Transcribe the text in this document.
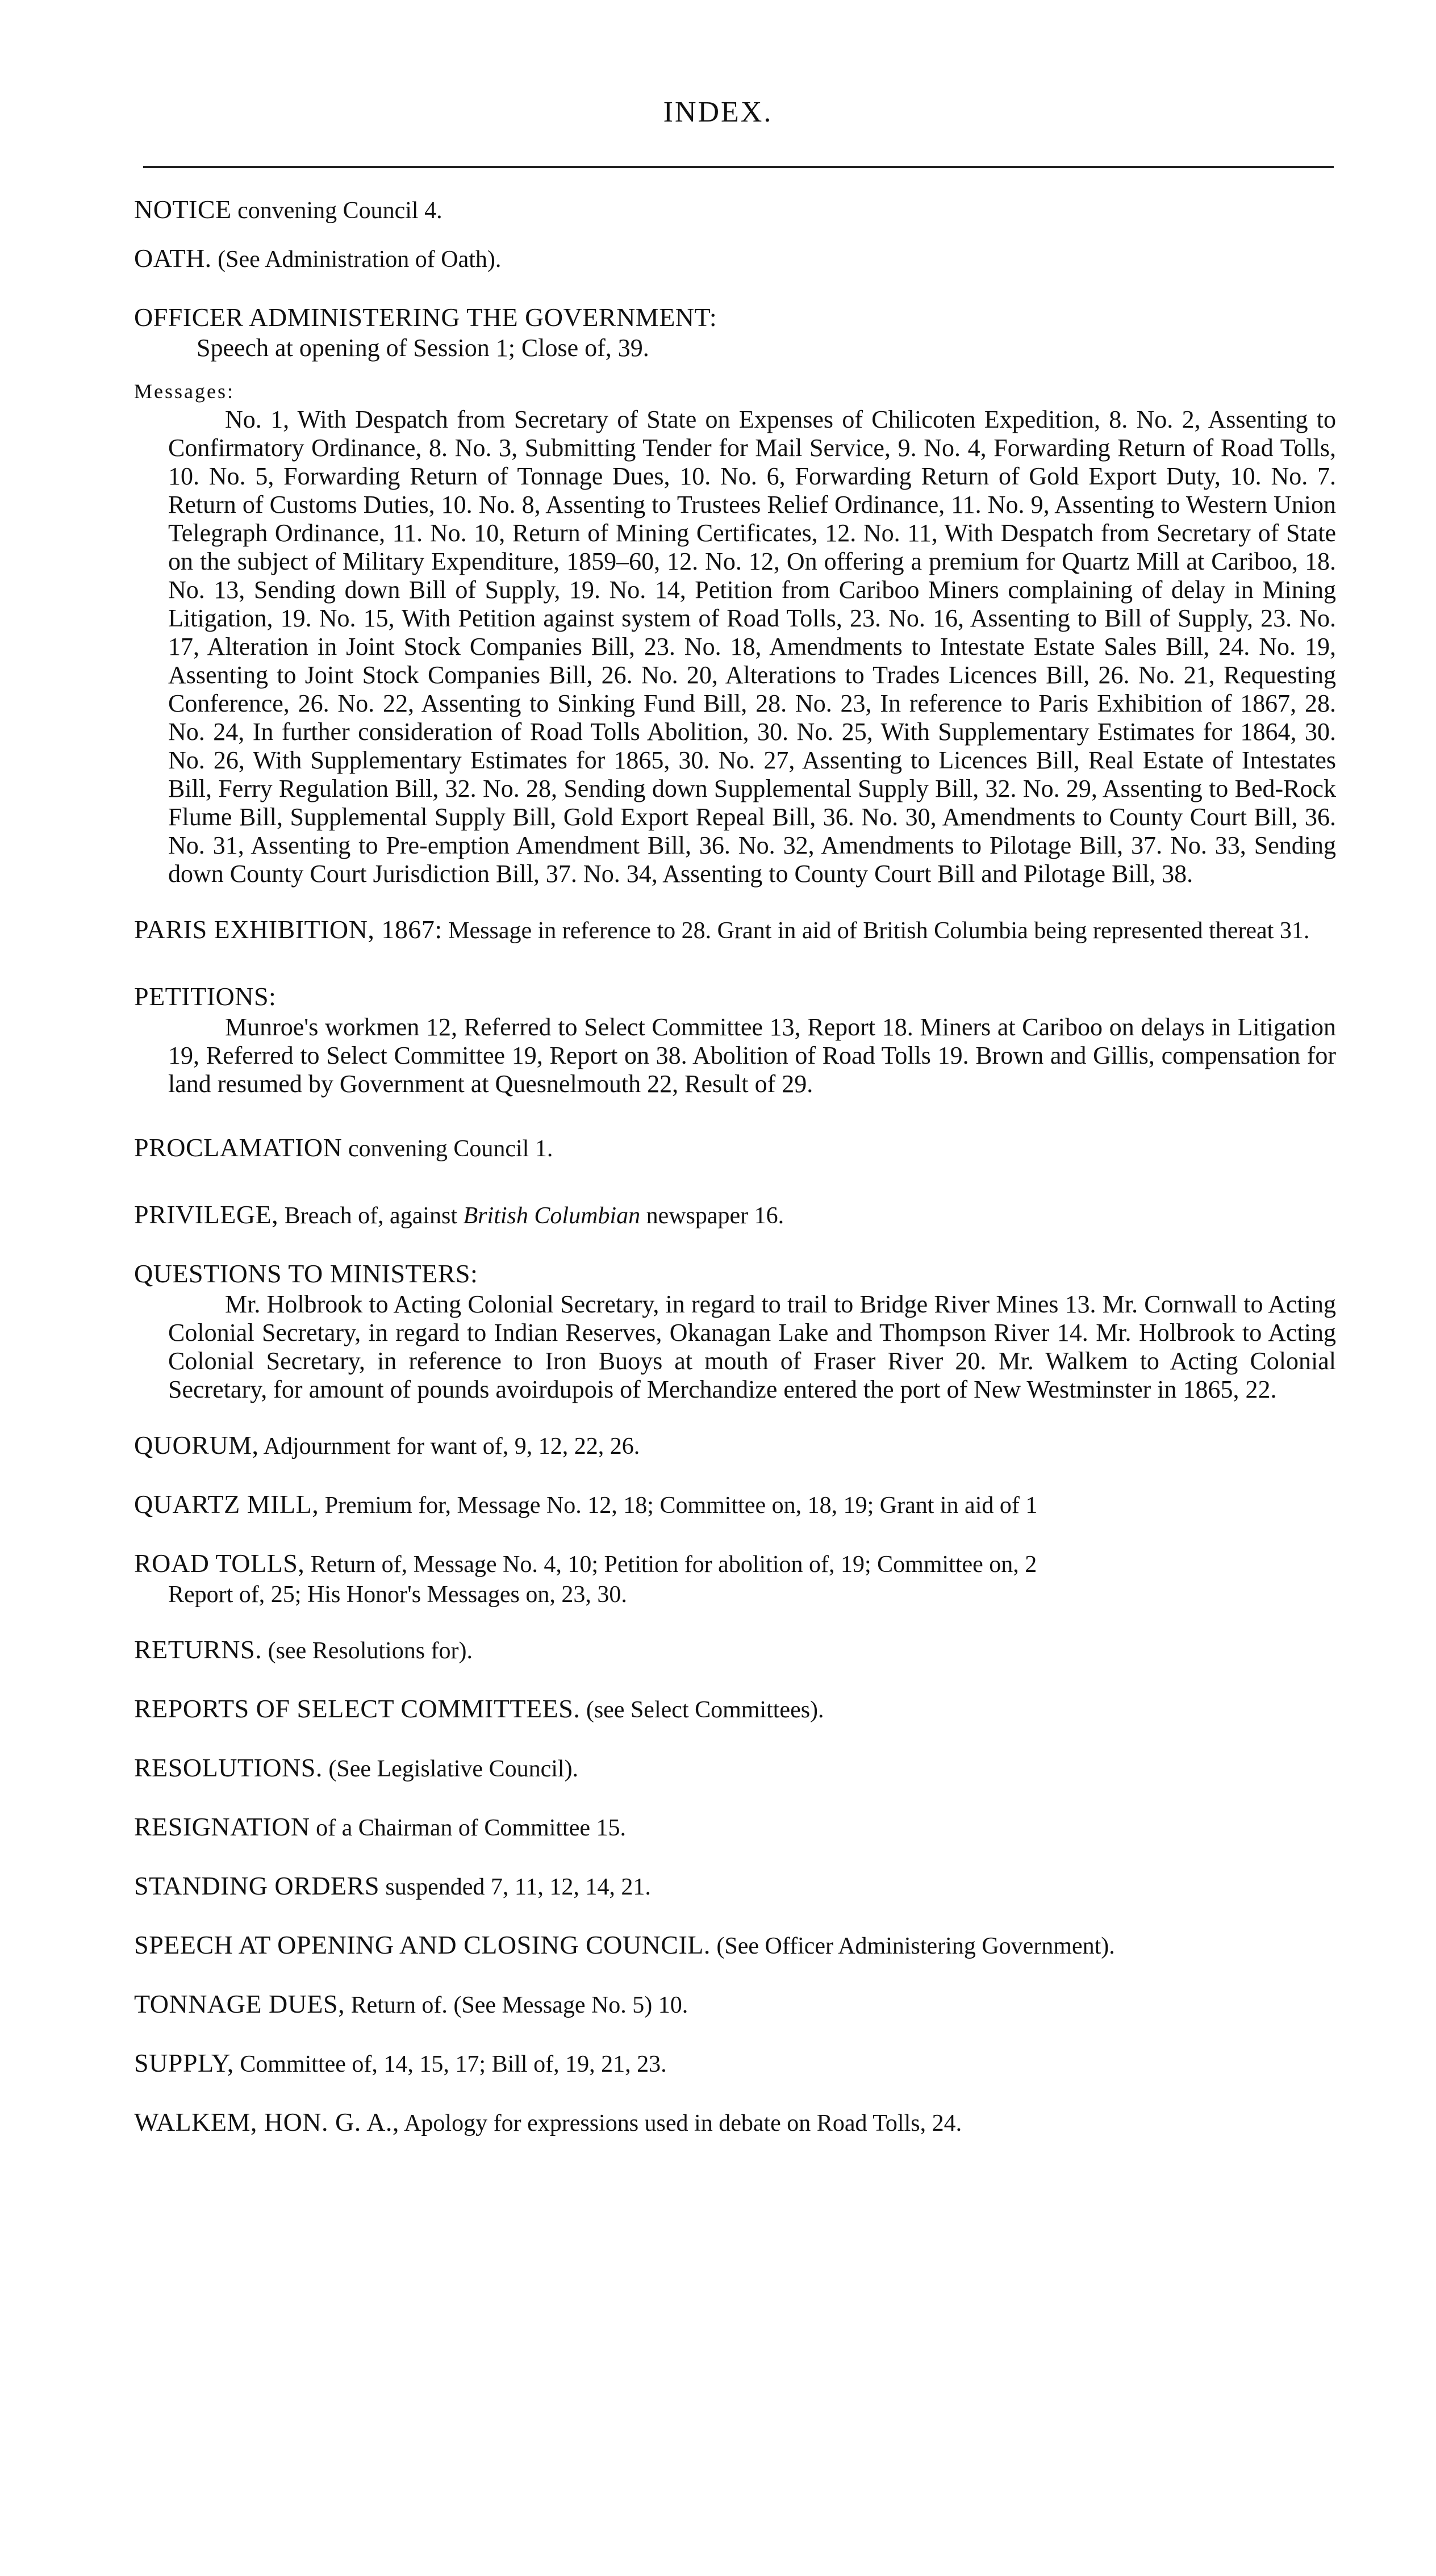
INDEX.

NOTICE convening Council 4.

OATH. (See Administration of Oath).

OFFICER ADMINISTERING THE GOVERNMENT:

Speech at opening of Session 1; Close of, 39.

Messages:

No. 1, With Despatch from Secretary of State on Expenses of Chilicoten Expedition, 8. No. 2, Assenting to Confirmatory Ordinance, 8. No. 3, Submitting Tender for Mail Service, 9. No. 4, Forwarding Return of Road Tolls, 10. No. 5, Forwarding Return of Tonnage Dues, 10. No. 6, Forwarding Return of Gold Export Duty, 10. No. 7. Return of Customs Duties, 10. No. 8, Assenting to Trustees Relief Ordinance, 11. No. 9, Assenting to Western Union Telegraph Ordinance, 11. No. 10, Return of Mining Certificates, 12. No. 11, With Despatch from Secretary of State on the subject of Military Expenditure, 1859–60, 12. No. 12, On offering a premium for Quartz Mill at Cariboo, 18. No. 13, Sending down Bill of Supply, 19. No. 14, Petition from Cariboo Miners complaining of delay in Mining Litigation, 19. No. 15, With Petition against system of Road Tolls, 23. No. 16, Assenting to Bill of Supply, 23. No. 17, Alteration in Joint Stock Companies Bill, 23. No. 18, Amendments to Intestate Estate Sales Bill, 24. No. 19, Assenting to Joint Stock Companies Bill, 26. No. 20, Alterations to Trades Licences Bill, 26. No. 21, Requesting Conference, 26. No. 22, Assenting to Sinking Fund Bill, 28. No. 23, In reference to Paris Exhibition of 1867, 28. No. 24, In further consideration of Road Tolls Abolition, 30. No. 25, With Supplementary Estimates for 1864, 30. No. 26, With Supplementary Estimates for 1865, 30. No. 27, Assenting to Licences Bill, Real Estate of Intestates Bill, Ferry Regulation Bill, 32. No. 28, Sending down Supplemental Supply Bill, 32. No. 29, Assenting to Bed-Rock Flume Bill, Supplemental Supply Bill, Gold Export Repeal Bill, 36. No. 30, Amendments to County Court Bill, 36. No. 31, Assenting to Pre-emption Amendment Bill, 36. No. 32, Amendments to Pilotage Bill, 37. No. 33, Sending down County Court Jurisdiction Bill, 37. No. 34, Assenting to County Court Bill and Pilotage Bill, 38.

PARIS EXHIBITION, 1867: Message in reference to 28. Grant in aid of British Columbia being represented thereat 31.

PETITIONS:

Munroe's workmen 12, Referred to Select Committee 13, Report 18. Miners at Cariboo on delays in Litigation 19, Referred to Select Committee 19, Report on 38. Abolition of Road Tolls 19. Brown and Gillis, compensation for land resumed by Government at Quesnelmouth 22, Result of 29.

PROCLAMATION convening Council 1.

PRIVILEGE, Breach of, against British Columbian newspaper 16.

QUESTIONS TO MINISTERS:

Mr. Holbrook to Acting Colonial Secretary, in regard to trail to Bridge River Mines 13. Mr. Cornwall to Acting Colonial Secretary, in regard to Indian Reserves, Okanagan Lake and Thompson River 14. Mr. Holbrook to Acting Colonial Secretary, in reference to Iron Buoys at mouth of Fraser River 20. Mr. Walkem to Acting Colonial Secretary, for amount of pounds avoirdupois of Merchandize entered the port of New Westminster in 1865, 22.

QUORUM, Adjournment for want of, 9, 12, 22, 26.

QUARTZ MILL, Premium for, Message No. 12, 18; Committee on, 18, 19; Grant in aid of 1

ROAD TOLLS, Return of, Message No. 4, 10; Petition for abolition of, 19; Committee on, 2

Report of, 25; His Honor's Messages on, 23, 30.

RETURNS. (see Resolutions for).

REPORTS OF SELECT COMMITTEES. (see Select Committees).

RESOLUTIONS. (See Legislative Council).

RESIGNATION of a Chairman of Committee 15.

STANDING ORDERS suspended 7, 11, 12, 14, 21.

SPEECH AT OPENING AND CLOSING COUNCIL. (See Officer Administering Government).

TONNAGE DUES, Return of. (See Message No. 5) 10.

SUPPLY, Committee of, 14, 15, 17; Bill of, 19, 21, 23.

WALKEM, HON. G. A., Apology for expressions used in debate on Road Tolls, 24.
